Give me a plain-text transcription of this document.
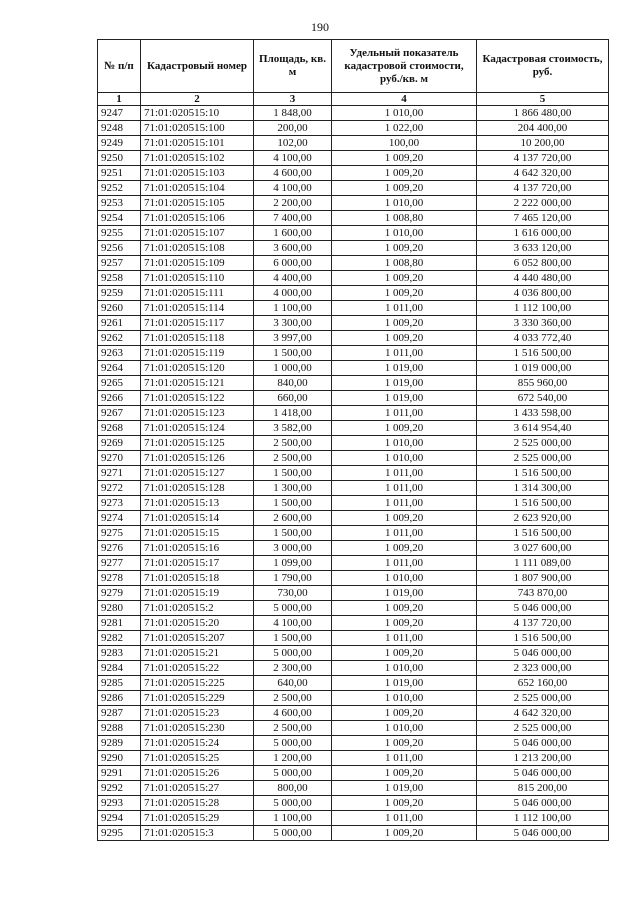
190
№ п/п	Кадастровый номер	Площадь, кв. м	Удельный показатель кадастровой стоимости, руб./кв. м	Кадастровая стоимость, руб.
1	2	3	4	5
9247	71:01:020515:10	1 848,00	1 010,00	1 866 480,00
9248	71:01:020515:100	200,00	1 022,00	204 400,00
9249	71:01:020515:101	102,00	100,00	10 200,00
9250	71:01:020515:102	4 100,00	1 009,20	4 137 720,00
9251	71:01:020515:103	4 600,00	1 009,20	4 642 320,00
9252	71:01:020515:104	4 100,00	1 009,20	4 137 720,00
9253	71:01:020515:105	2 200,00	1 010,00	2 222 000,00
9254	71:01:020515:106	7 400,00	1 008,80	7 465 120,00
9255	71:01:020515:107	1 600,00	1 010,00	1 616 000,00
9256	71:01:020515:108	3 600,00	1 009,20	3 633 120,00
9257	71:01:020515:109	6 000,00	1 008,80	6 052 800,00
9258	71:01:020515:110	4 400,00	1 009,20	4 440 480,00
9259	71:01:020515:111	4 000,00	1 009,20	4 036 800,00
9260	71:01:020515:114	1 100,00	1 011,00	1 112 100,00
9261	71:01:020515:117	3 300,00	1 009,20	3 330 360,00
9262	71:01:020515:118	3 997,00	1 009,20	4 033 772,40
9263	71:01:020515:119	1 500,00	1 011,00	1 516 500,00
9264	71:01:020515:120	1 000,00	1 019,00	1 019 000,00
9265	71:01:020515:121	840,00	1 019,00	855 960,00
9266	71:01:020515:122	660,00	1 019,00	672 540,00
9267	71:01:020515:123	1 418,00	1 011,00	1 433 598,00
9268	71:01:020515:124	3 582,00	1 009,20	3 614 954,40
9269	71:01:020515:125	2 500,00	1 010,00	2 525 000,00
9270	71:01:020515:126	2 500,00	1 010,00	2 525 000,00
9271	71:01:020515:127	1 500,00	1 011,00	1 516 500,00
9272	71:01:020515:128	1 300,00	1 011,00	1 314 300,00
9273	71:01:020515:13	1 500,00	1 011,00	1 516 500,00
9274	71:01:020515:14	2 600,00	1 009,20	2 623 920,00
9275	71:01:020515:15	1 500,00	1 011,00	1 516 500,00
9276	71:01:020515:16	3 000,00	1 009,20	3 027 600,00
9277	71:01:020515:17	1 099,00	1 011,00	1 111 089,00
9278	71:01:020515:18	1 790,00	1 010,00	1 807 900,00
9279	71:01:020515:19	730,00	1 019,00	743 870,00
9280	71:01:020515:2	5 000,00	1 009,20	5 046 000,00
9281	71:01:020515:20	4 100,00	1 009,20	4 137 720,00
9282	71:01:020515:207	1 500,00	1 011,00	1 516 500,00
9283	71:01:020515:21	5 000,00	1 009,20	5 046 000,00
9284	71:01:020515:22	2 300,00	1 010,00	2 323 000,00
9285	71:01:020515:225	640,00	1 019,00	652 160,00
9286	71:01:020515:229	2 500,00	1 010,00	2 525 000,00
9287	71:01:020515:23	4 600,00	1 009,20	4 642 320,00
9288	71:01:020515:230	2 500,00	1 010,00	2 525 000,00
9289	71:01:020515:24	5 000,00	1 009,20	5 046 000,00
9290	71:01:020515:25	1 200,00	1 011,00	1 213 200,00
9291	71:01:020515:26	5 000,00	1 009,20	5 046 000,00
9292	71:01:020515:27	800,00	1 019,00	815 200,00
9293	71:01:020515:28	5 000,00	1 009,20	5 046 000,00
9294	71:01:020515:29	1 100,00	1 011,00	1 112 100,00
9295	71:01:020515:3	5 000,00	1 009,20	5 046 000,00
